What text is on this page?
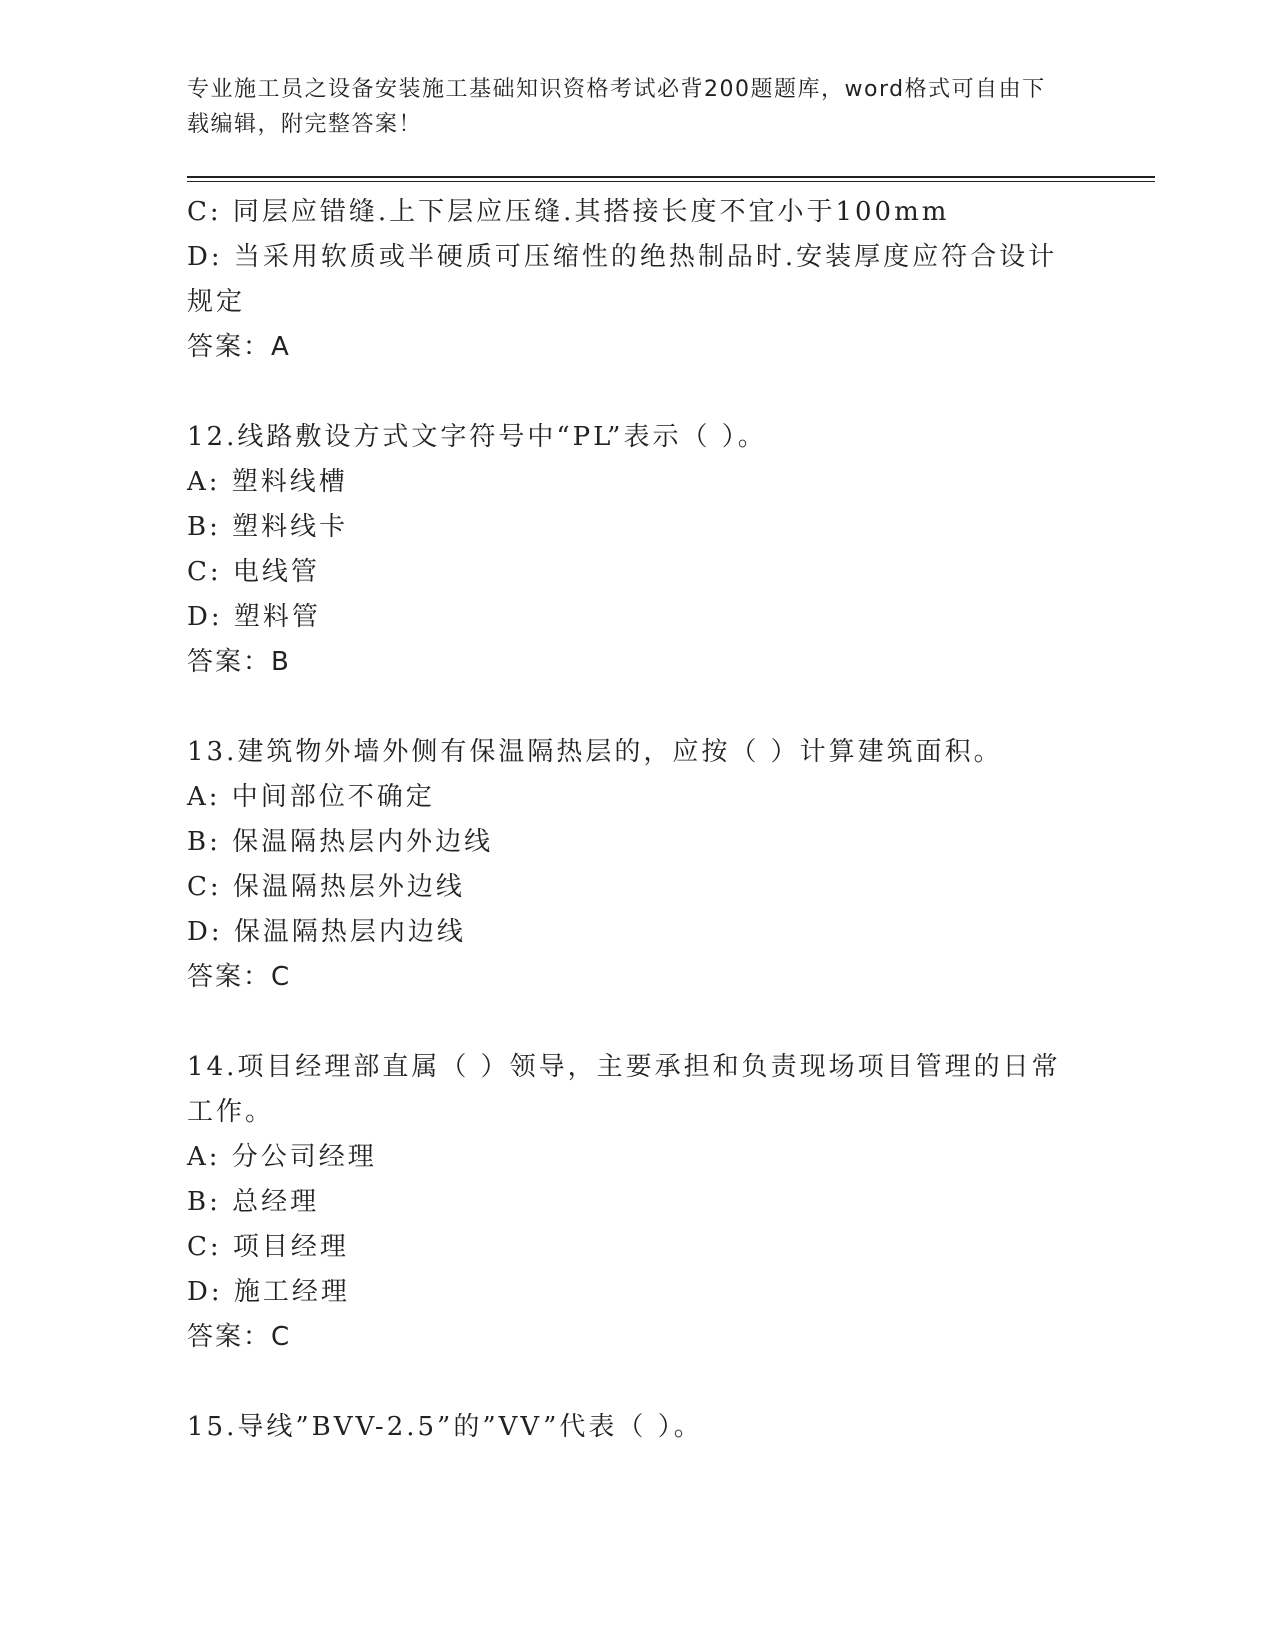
专业施工员之设备安装施工基础知识资格考试必背200题题库，word格式可自由下载编辑，附完整答案！
C: 同层应错缝.上下层应压缝.其搭接长度不宜小于100mm
D: 当采用软质或半硬质可压缩性的绝热制品时.安装厚度应符合设计规定
答案：A
12.线路敷设方式文字符号中“PL”表示（ ）。
A: 塑料线槽
B: 塑料线卡
C: 电线管
D: 塑料管
答案：B
13.建筑物外墙外侧有保温隔热层的，应按（ ）计算建筑面积。
A: 中间部位不确定
B: 保温隔热层内外边线
C: 保温隔热层外边线
D: 保温隔热层内边线
答案：C
14.项目经理部直属（ ）领导，主要承担和负责现场项目管理的日常工作。
A: 分公司经理
B: 总经理
C: 项目经理
D: 施工经理
答案：C
15.导线”BVV-2.5”的”VV”代表（ ）。
